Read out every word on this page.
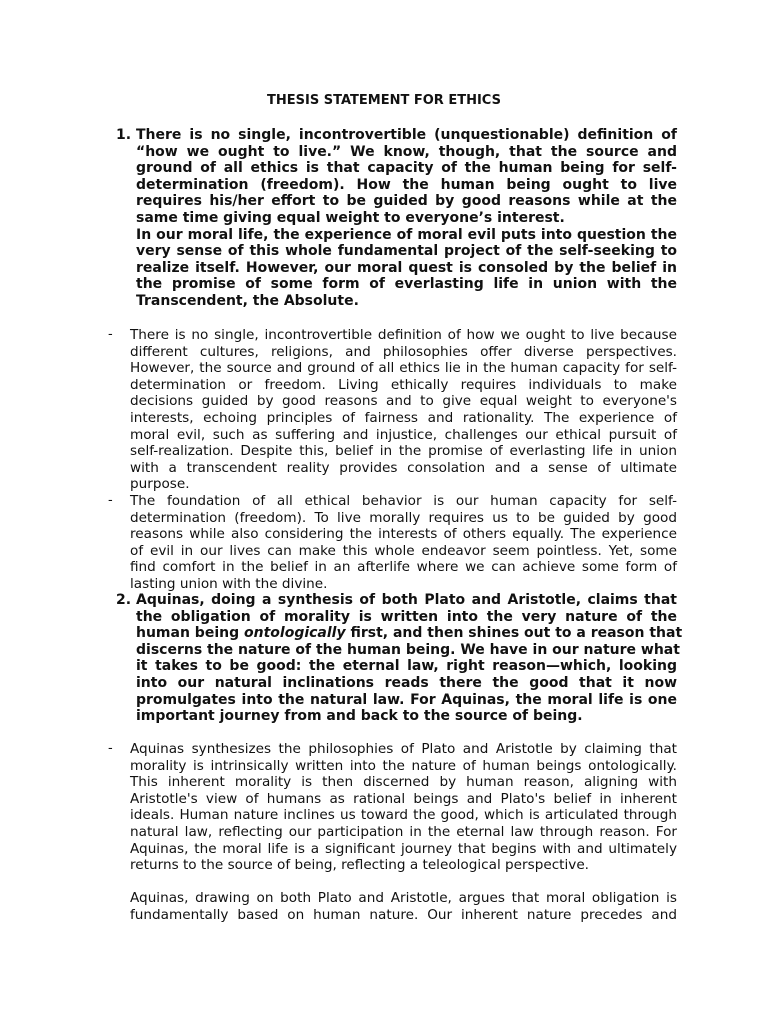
THESIS STATEMENT FOR ETHICS
1. There is no single, incontrovertible (unquestionable) definition of
“how we ought to live.” We know, though, that the source and
ground of all ethics is that capacity of the human being for self-
determination (freedom). How the human being ought to live
requires his/her effort to be guided by good reasons while at the
same time giving equal weight to everyone’s interest.
In our moral life, the experience of moral evil puts into question the
very sense of this whole fundamental project of the self-seeking to
realize itself. However, our moral quest is consoled by the belief in
the promise of some form of everlasting life in union with the
Transcendent, the Absolute.
- There is no single, incontrovertible definition of how we ought to live because
different cultures, religions, and philosophies offer diverse perspectives.
However, the source and ground of all ethics lie in the human capacity for self-
determination or freedom. Living ethically requires individuals to make
decisions guided by good reasons and to give equal weight to everyone's
interests, echoing principles of fairness and rationality. The experience of
moral evil, such as suffering and injustice, challenges our ethical pursuit of
self-realization. Despite this, belief in the promise of everlasting life in union
with a transcendent reality provides consolation and a sense of ultimate
purpose.
- The foundation of all ethical behavior is our human capacity for self-
determination (freedom). To live morally requires us to be guided by good
reasons while also considering the interests of others equally. The experience
of evil in our lives can make this whole endeavor seem pointless. Yet, some
find comfort in the belief in an afterlife where we can achieve some form of
lasting union with the divine.
2. Aquinas, doing a synthesis of both Plato and Aristotle, claims that
the obligation of morality is written into the very nature of the
human being ontologically first, and then shines out to a reason that
discerns the nature of the human being. We have in our nature what
it takes to be good: the eternal law, right reason—which, looking
into our natural inclinations reads there the good that it now
promulgates into the natural law. For Aquinas, the moral life is one
important journey from and back to the source of being.
- Aquinas synthesizes the philosophies of Plato and Aristotle by claiming that
morality is intrinsically written into the nature of human beings ontologically.
This inherent morality is then discerned by human reason, aligning with
Aristotle's view of humans as rational beings and Plato's belief in inherent
ideals. Human nature inclines us toward the good, which is articulated through
natural law, reflecting our participation in the eternal law through reason. For
Aquinas, the moral life is a significant journey that begins with and ultimately
returns to the source of being, reflecting a teleological perspective.
Aquinas, drawing on both Plato and Aristotle, argues that moral obligation is
fundamentally based on human nature. Our inherent nature precedes and
